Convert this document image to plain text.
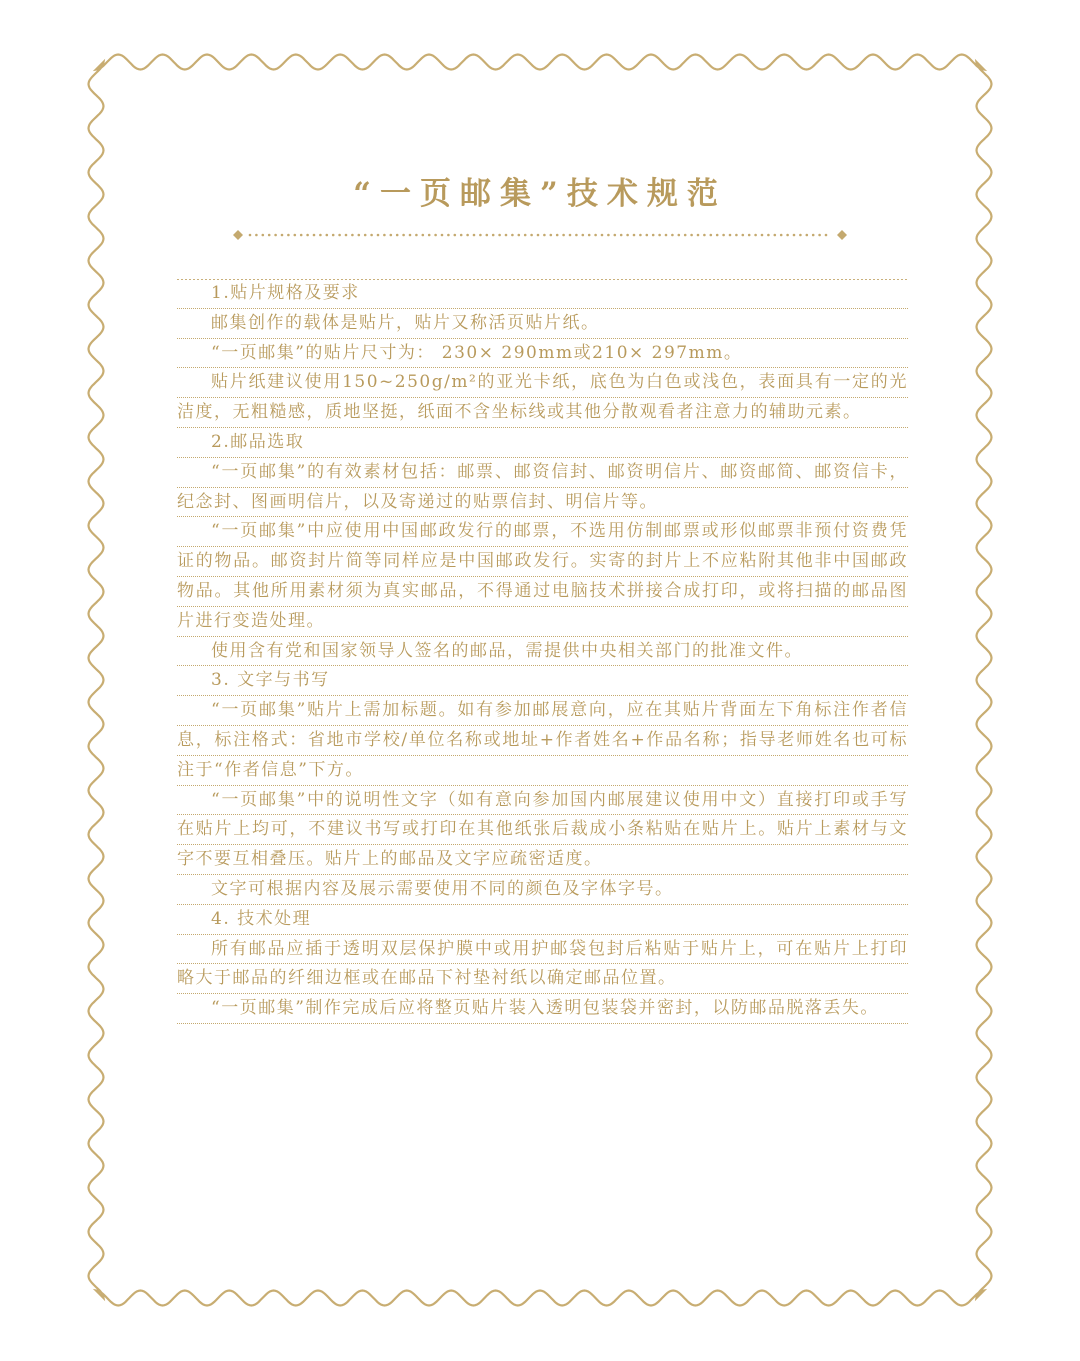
“一页邮集”技术规范

1.贴片规格及要求

邮集创作的载体是贴片，贴片又称活页贴片纸。

“一页邮集”的贴片尺寸为： 230× 290mm或210× 297mm。

贴片纸建议使用150~250g/m²的亚光卡纸，底色为白色或浅色，表面具有一定的光洁度，无粗糙感，质地坚挺，纸面不含坐标线或其他分散观看者注意力的辅助元素。

2.邮品选取

“一页邮集”的有效素材包括：邮票、邮资信封、邮资明信片、邮资邮简、邮资信卡，纪念封、图画明信片，以及寄递过的贴票信封、明信片等。

“一页邮集”中应使用中国邮政发行的邮票，不选用仿制邮票或形似邮票非预付资费凭证的物品。邮资封片简等同样应是中国邮政发行。实寄的封片上不应粘附其他非中国邮政物品。其他所用素材须为真实邮品，不得通过电脑技术拼接合成打印，或将扫描的邮品图片进行变造处理。

使用含有党和国家领导人签名的邮品，需提供中央相关部门的批准文件。

3. 文字与书写

“一页邮集”贴片上需加标题。如有参加邮展意向，应在其贴片背面左下角标注作者信息，标注格式：省地市学校/单位名称或地址+作者姓名+作品名称；指导老师姓名也可标注于“作者信息”下方。

“一页邮集”中的说明性文字（如有意向参加国内邮展建议使用中文）直接打印或手写在贴片上均可，不建议书写或打印在其他纸张后裁成小条粘贴在贴片上。贴片上素材与文字不要互相叠压。贴片上的邮品及文字应疏密适度。

文字可根据内容及展示需要使用不同的颜色及字体字号。

4. 技术处理

所有邮品应插于透明双层保护膜中或用护邮袋包封后粘贴于贴片上，可在贴片上打印略大于邮品的纤细边框或在邮品下衬垫衬纸以确定邮品位置。

“一页邮集”制作完成后应将整页贴片装入透明包装袋并密封，以防邮品脱落丢失。
